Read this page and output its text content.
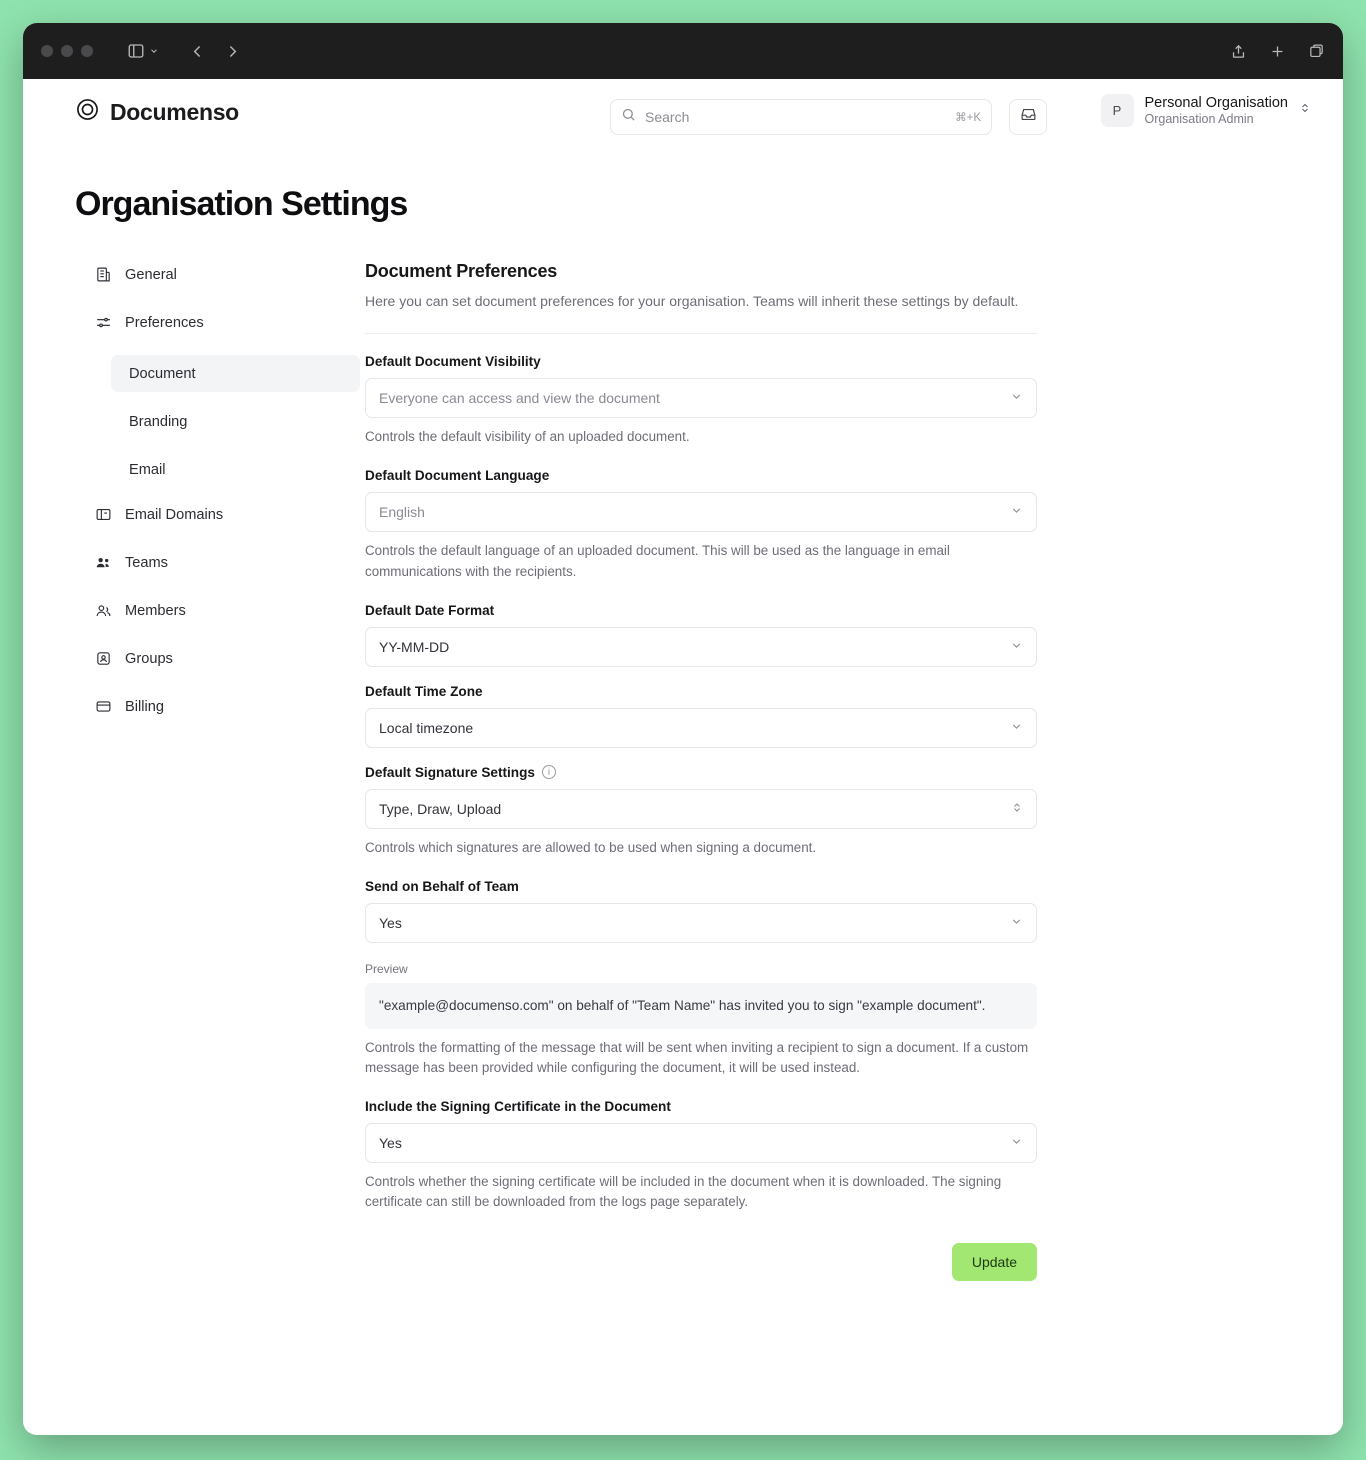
Documenso
Search	⌘+K	P	Personal Organisation
Organisation Admin
Organisation Settings
General
Preferences
Document
Branding
Email
Email Domains
Teams
Members
Groups
Billing
Document Preferences
Here you can set document preferences for your organisation. Teams will inherit these settings by default.
Default Document Visibility
Everyone can access and view the document
Controls the default visibility of an uploaded document.
Default Document Language
English
Controls the default language of an uploaded document. This will be used as the language in email communications with the recipients.
Default Date Format
YY-MM-DD
Default Time Zone
Local timezone
Default Signature Settings	i
Type, Draw, Upload
Controls which signatures are allowed to be used when signing a document.
Send on Behalf of Team
Yes
Preview
"example@documenso.com" on behalf of "Team Name" has invited you to sign "example document".
Controls the formatting of the message that will be sent when inviting a recipient to sign a document. If a custom message has been provided while configuring the document, it will be used instead.
Include the Signing Certificate in the Document
Yes
Controls whether the signing certificate will be included in the document when it is downloaded. The signing certificate can still be downloaded from the logs page separately.
Update
